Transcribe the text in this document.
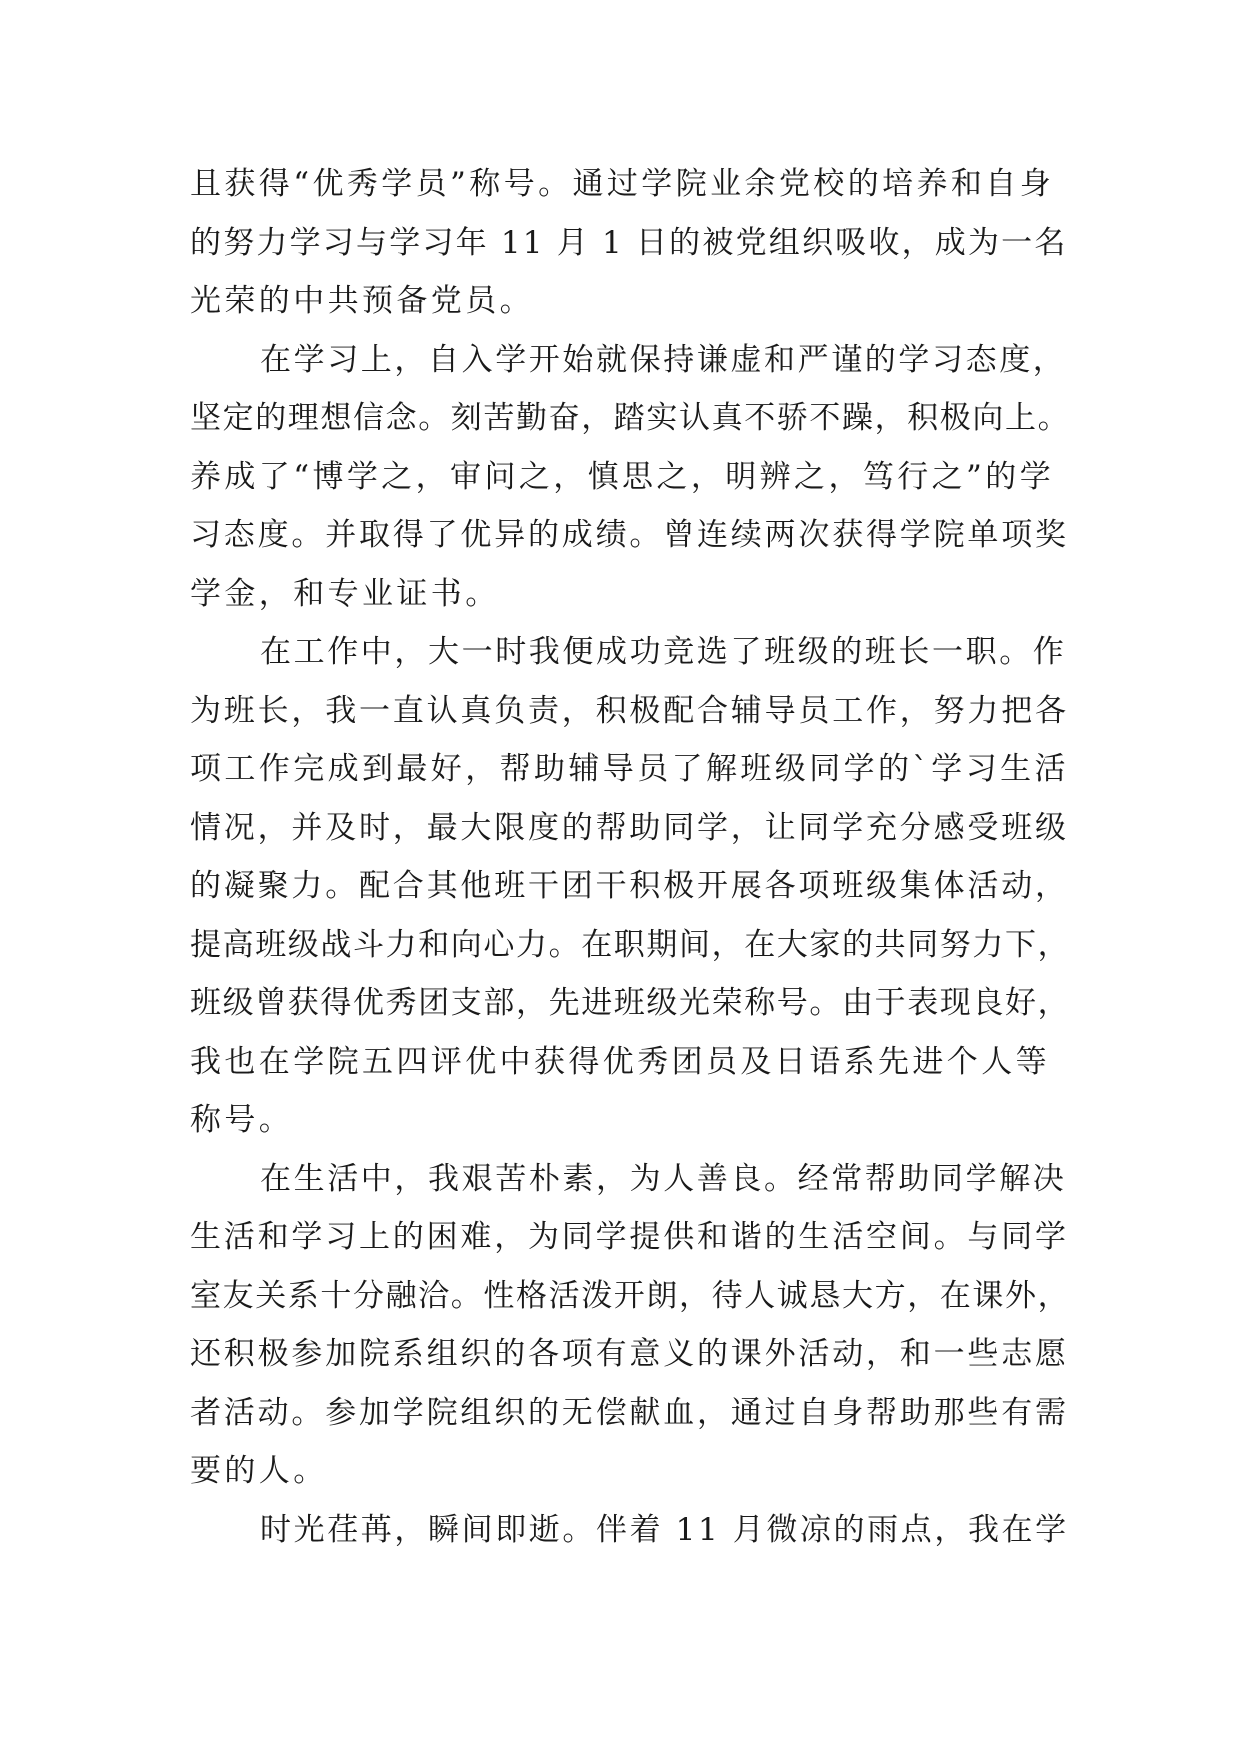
且获得“优秀学员”称号。通过学院业余党校的培养和自身
的努力学习与学习年 11 月 1 日的被党组织吸收，成为一名
光荣的中共预备党员。
在学习上，自入学开始就保持谦虚和严谨的学习态度，
坚定的理想信念。刻苦勤奋，踏实认真不骄不躁，积极向上。
养成了“博学之，审问之，慎思之，明辨之，笃行之”的学
习态度。并取得了优异的成绩。曾连续两次获得学院单项奖
学金，和专业证书。
在工作中，大一时我便成功竞选了班级的班长一职。作
为班长，我一直认真负责，积极配合辅导员工作，努力把各
项工作完成到最好，帮助辅导员了解班级同学的`学习生活
情况，并及时，最大限度的帮助同学，让同学充分感受班级
的凝聚力。配合其他班干团干积极开展各项班级集体活动，
提高班级战斗力和向心力。在职期间，在大家的共同努力下，
班级曾获得优秀团支部，先进班级光荣称号。由于表现良好，
我也在学院五四评优中获得优秀团员及日语系先进个人等
称号。
在生活中，我艰苦朴素，为人善良。经常帮助同学解决
生活和学习上的困难，为同学提供和谐的生活空间。与同学
室友关系十分融洽。性格活泼开朗，待人诚恳大方，在课外，
还积极参加院系组织的各项有意义的课外活动，和一些志愿
者活动。参加学院组织的无偿献血，通过自身帮助那些有需
要的人。
时光荏苒，瞬间即逝。伴着 11 月微凉的雨点，我在学
